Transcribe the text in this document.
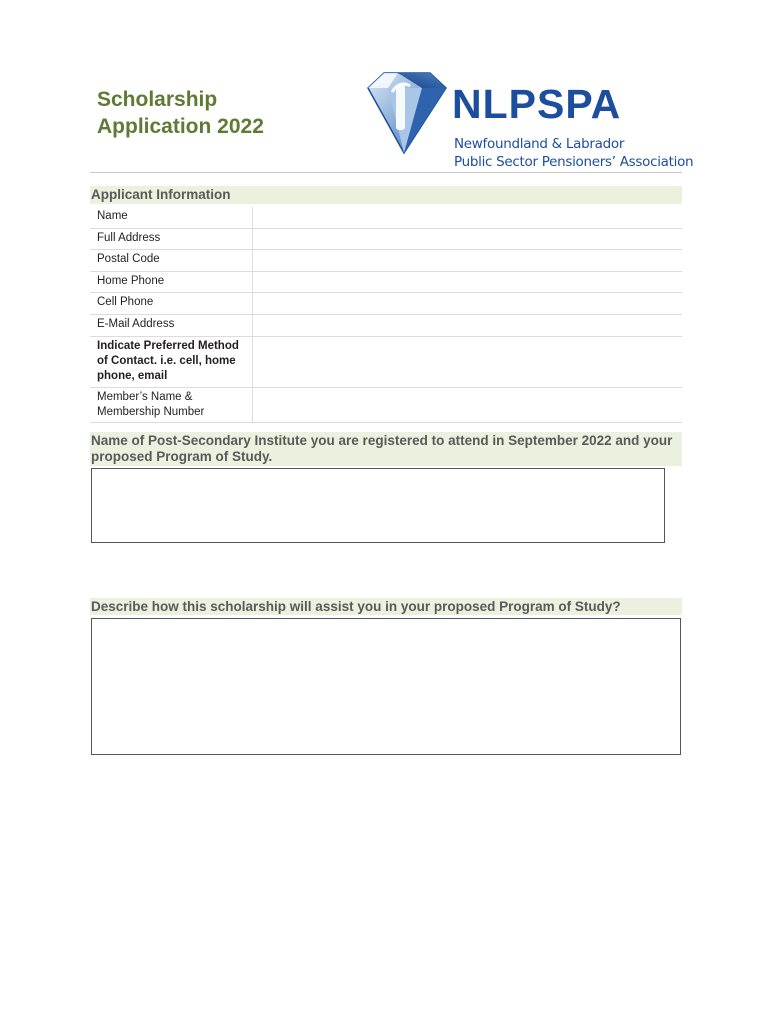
Scholarship
Application 2022	NLPSPA
Newfoundland & Labrador
Public Sector Pensioners’ Association
Applicant Information
Name	
Full Address	
Postal Code	
Home Phone	
Cell Phone	
E-Mail Address	
Indicate Preferred Method of Contact. i.e. cell, home phone, email	
Member’s Name & Membership Number	
Name of Post-Secondary Institute you are registered to attend in September 2022 and your proposed Program of Study.
Describe how this scholarship will assist you in your proposed Program of Study?
